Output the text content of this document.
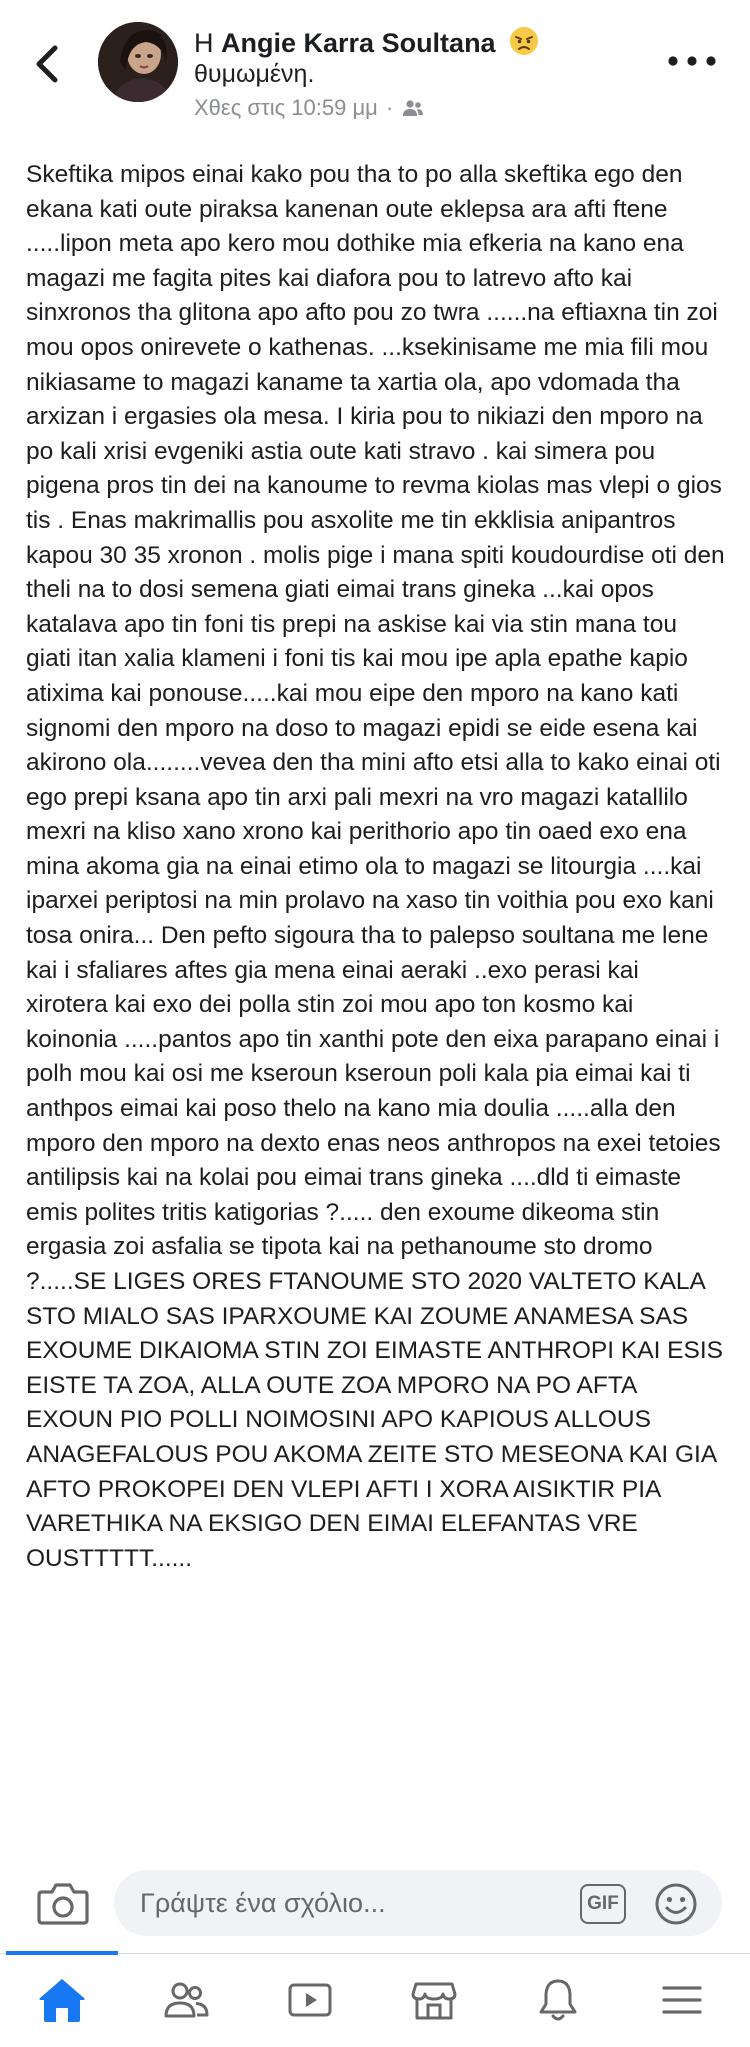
Η Angie Karra Soultana
θυμωμένη.
Χθες στις 10:59 μμ ·
Skeftika mipos einai kako pou tha to po alla skeftika ego den ekana kati oute piraksa kanenan oute eklepsa ara afti ftene .....lipon meta apo kero mou dothike mia efkeria na kano ena magazi me fagita pites kai diafora pou to latrevo afto kai sinxronos tha glitona apo afto pou zo twra ......na eftiaxna tin zoi mou opos onirevete o kathenas. ...ksekinisame me mia fili mou nikiasame to magazi kaname ta xartia ola, apo vdomada tha arxizan i ergasies ola mesa. I kiria pou to nikiazi den mporo na po kali xrisi evgeniki astia oute kati stravo . kai simera pou pigena pros tin dei na kanoume to revma kiolas mas vlepi o gios tis . Enas makrimallis pou asxolite me tin ekklisia anipantros kapou 30 35 xronon . molis pige i mana spiti koudourdise oti den theli na to dosi semena giati eimai trans gineka ...kai opos katalava apo tin foni tis prepi na askise kai via stin mana tou giati itan xalia klameni i foni tis kai mou ipe apla epathe kapio atixima kai ponouse.....kai mou eipe den mporo na kano kati signomi den mporo na doso to magazi epidi se eide esena kai akirono ola........vevea den tha mini afto etsi alla to kako einai oti ego prepi ksana apo tin arxi pali mexri na vro magazi katallilo mexri na kliso xano xrono kai perithorio apo tin oaed exo ena mina akoma gia na einai etimo ola to magazi se litourgia ....kai iparxei periptosi na min prolavo na xaso tin voithia pou exo kani tosa onira... Den pefto sigoura tha to palepso soultana me lene kai i sfaliares aftes gia mena einai aeraki ..exo perasi kai xirotera kai exo dei polla stin zoi mou apo ton kosmo kai koinonia .....pantos apo tin xanthi pote den eixa parapano einai i polh mou kai osi me kseroun kseroun poli kala pia eimai kai ti anthpos eimai kai poso thelo na kano mia doulia .....alla den mporo den mporo na dexto enas neos anthropos na exei tetoies antilipsis kai na kolai pou eimai trans gineka ....dld ti eimaste emis polites tritis katigorias ?..... den exoume dikeoma stin ergasia zoi asfalia se tipota kai na pethanoume sto dromo ?.....SE LIGES ORES FTANOUME STO 2020 VALTETO KALA STO MIALO SAS IPARXOUME KAI ZOUME ANAMESA SAS EXOUME DIKAIOMA STIN ZOI EIMASTE ANTHROPI KAI ESIS EISTE TA ZOA, ALLA OUTE ZOA MPORO NA PO AFTA EXOUN PIO POLLI NOIMOSINI APO KAPIOUS ALLOUS ANAGEFALOUS POU AKOMA ZEITE STO MESEONA KAI GIA AFTO PROKOPEI DEN VLEPI AFTI I XORA AISIKTIR PIA VARETHIKA NA EKSIGO DEN EIMAI ELEFANTAS VRE OUSTTTTT......
Γράψτε ένα σχόλιο...
GIF
